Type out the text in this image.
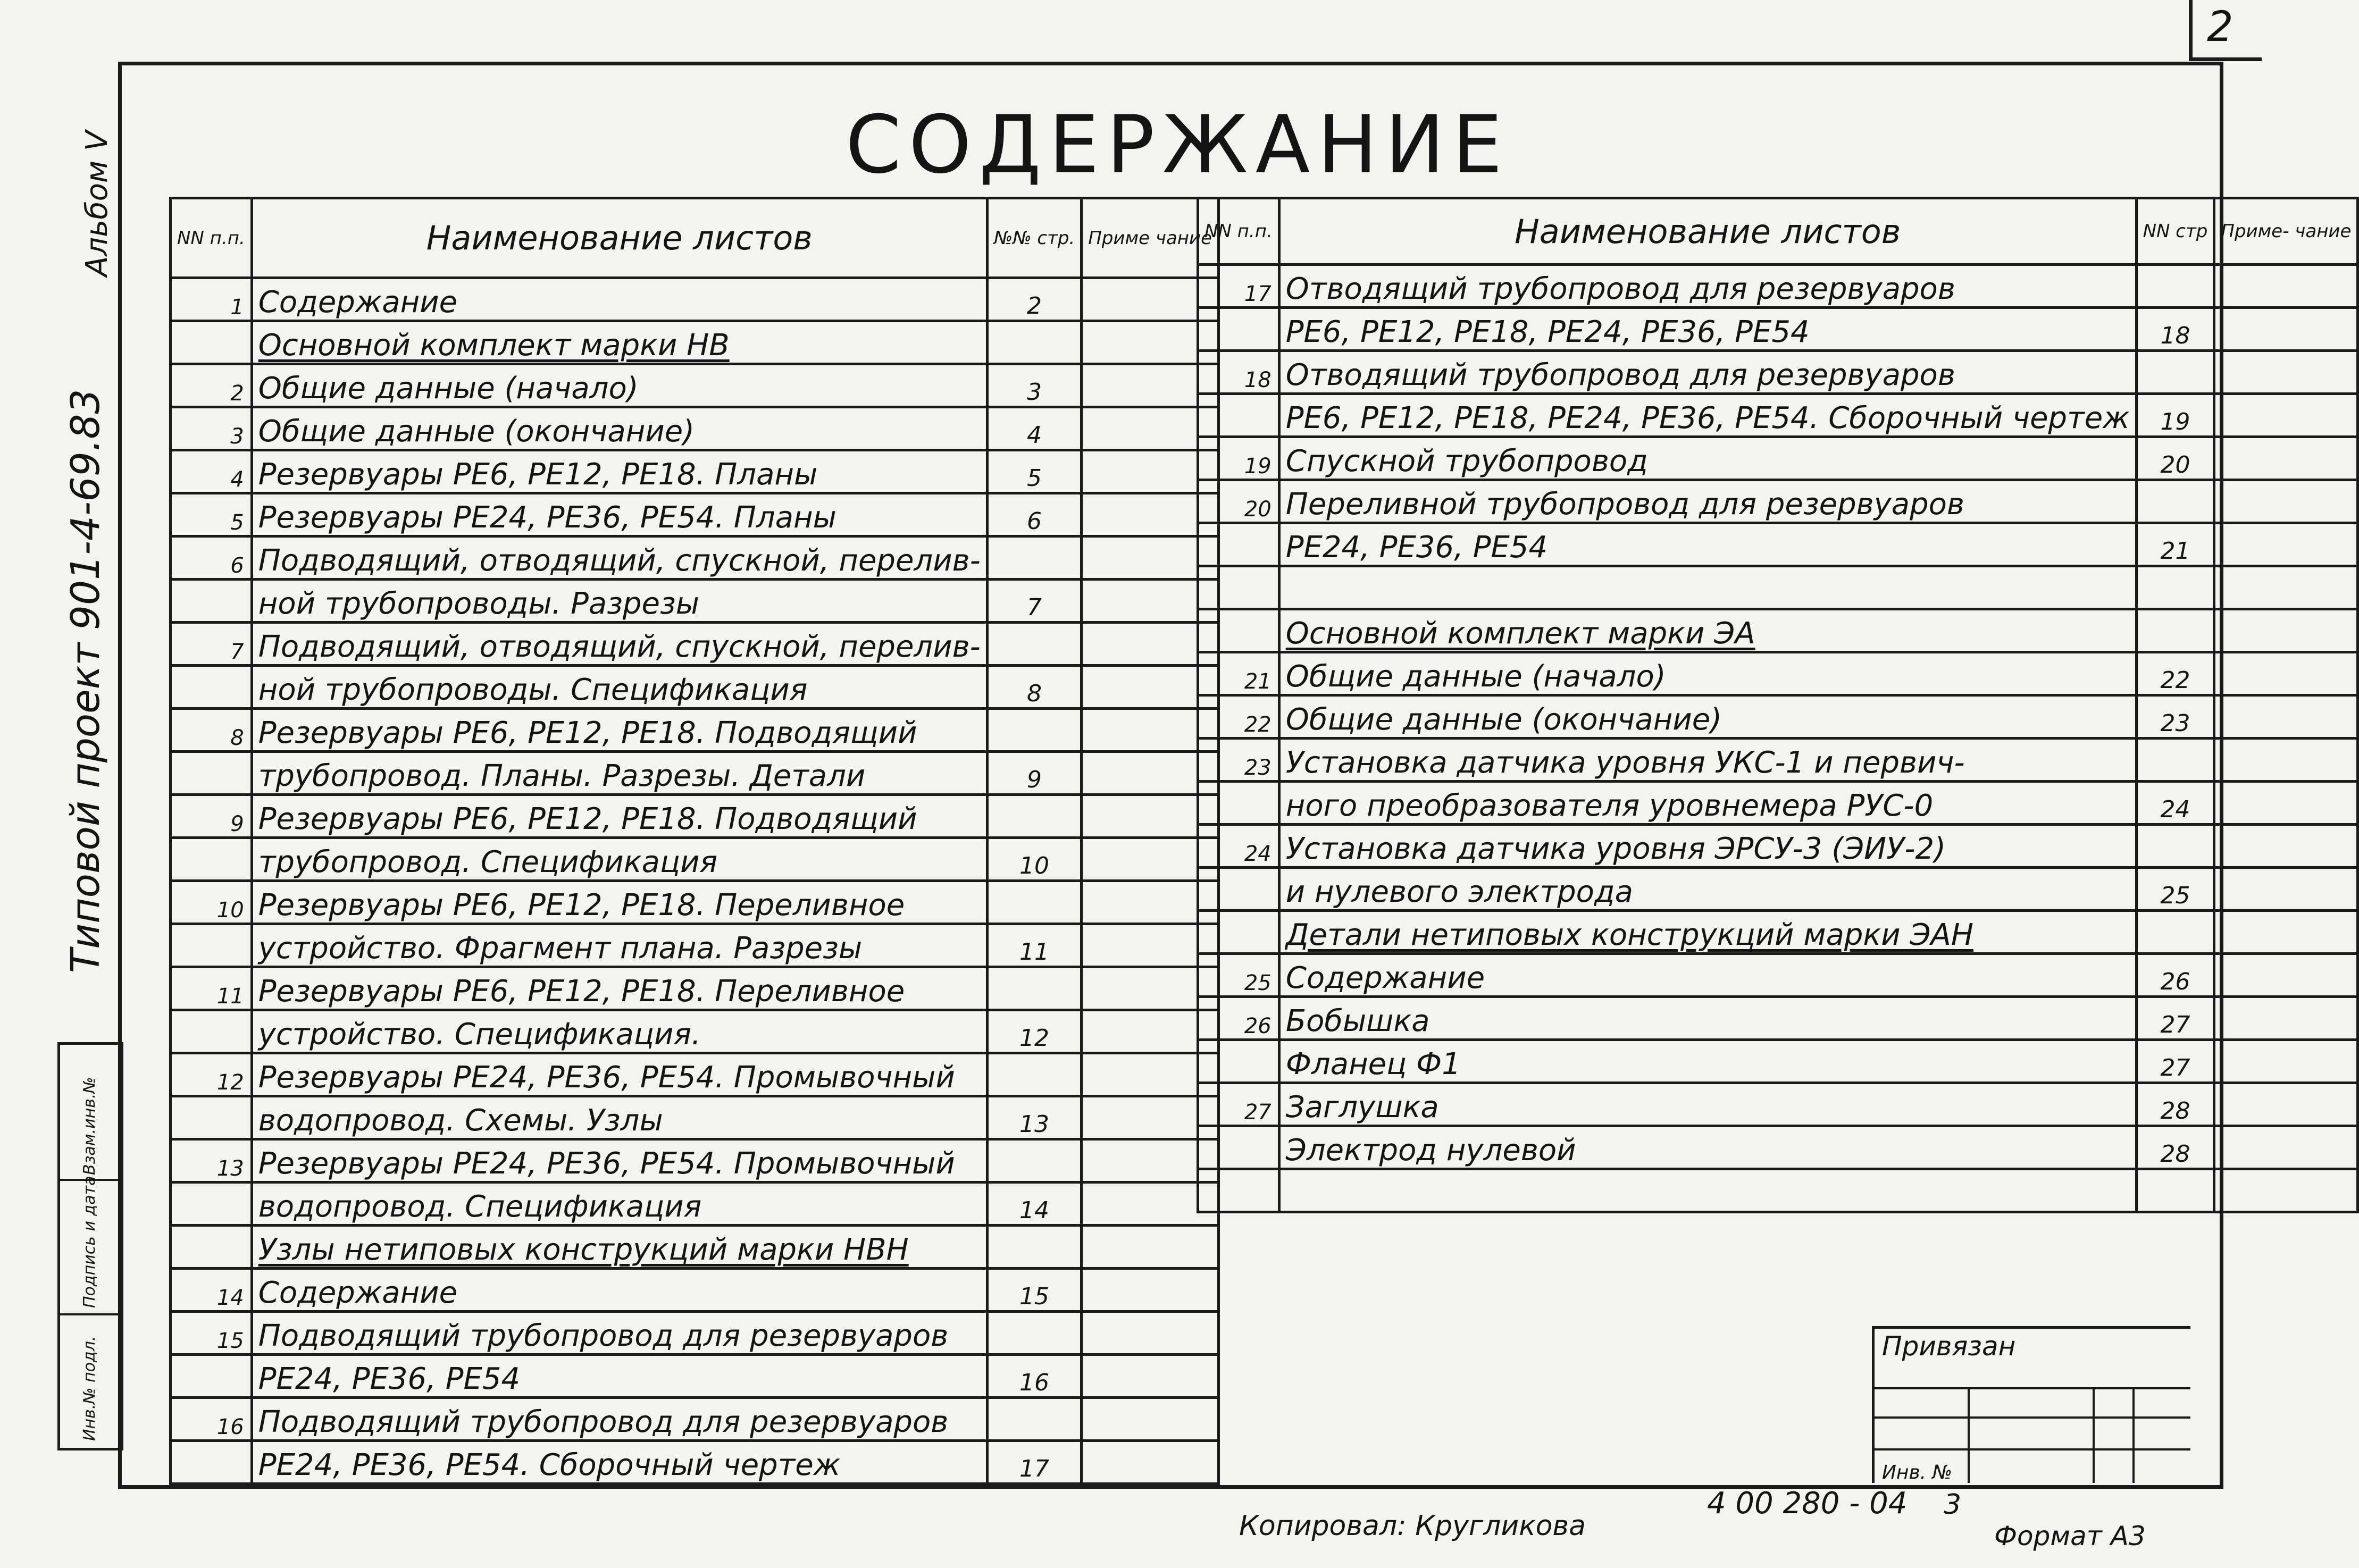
2
Альбом V
Типовой проект 901-4-69.83
Инв.№ подл.
Подпись и дата
Взам.инв.№
СОДЕРЖАНИЕ
NN п.п.	Наименование листов	№№ стр.	Приме чание
1	Содержание	2	
	Основной комплект марки НВ		
2	Общие данные (начало)	3	
3	Общие данные (окончание)	4	
4	Резервуары РЕ6, РЕ12, РЕ18. Планы	5	
5	Резервуары РЕ24, РЕ36, РЕ54. Планы	6	
6	Подводящий, отводящий, спускной, перелив-		
	ной трубопроводы. Разрезы	7	
7	Подводящий, отводящий, спускной, перелив-		
	ной трубопроводы. Спецификация	8	
8	Резервуары РЕ6, РЕ12, РЕ18. Подводящий		
	трубопровод. Планы. Разрезы. Детали	9	
9	Резервуары РЕ6, РЕ12, РЕ18. Подводящий		
	трубопровод. Спецификация	10	
10	Резервуары РЕ6, РЕ12, РЕ18. Переливное		
	устройство. Фрагмент плана. Разрезы	11	
11	Резервуары РЕ6, РЕ12, РЕ18. Переливное		
	устройство. Спецификация.	12	
12	Резервуары РЕ24, РЕ36, РЕ54. Промывочный		
	водопровод. Схемы. Узлы	13	
13	Резервуары РЕ24, РЕ36, РЕ54. Промывочный		
	водопровод. Спецификация	14	
	Узлы нетиповых конструкций марки НВН		
14	Содержание	15	
15	Подводящий трубопровод для резервуаров		
	РЕ24, РЕ36, РЕ54	16	
16	Подводящий трубопровод для резервуаров		
	РЕ24, РЕ36, РЕ54. Сборочный чертеж	17	
NN п.п.	Наименование листов	NN стр	Приме- чание
17	Отводящий трубопровод для резервуаров		
	РЕ6, РЕ12, РЕ18, РЕ24, РЕ36, РЕ54	18	
18	Отводящий трубопровод для резервуаров		
	РЕ6, РЕ12, РЕ18, РЕ24, РЕ36, РЕ54. Сборочный чертеж	19	
19	Спускной трубопровод	20	
20	Переливной трубопровод для резервуаров		
	РЕ24, РЕ36, РЕ54	21	

	Основной комплект марки ЭА		
21	Общие данные (начало)	22	
22	Общие данные (окончание)	23	
23	Установка датчика уровня УКС-1 и первич-		
	ного преобразователя уровнемера РУС-0	24	
24	Установка датчика уровня ЭРСУ-3 (ЭИУ-2)		
	и нулевого электрода	25	
	Детали нетиповых конструкций марки ЭАН		
25	Содержание	26	
26	Бобышка	27	
	Фланец Ф1	27	
27	Заглушка	28	
	Электрод нулевой	28	

Привязан
Инв. №
Копировал: Кругликова
4 00 280 - 04 3
Формат А3
